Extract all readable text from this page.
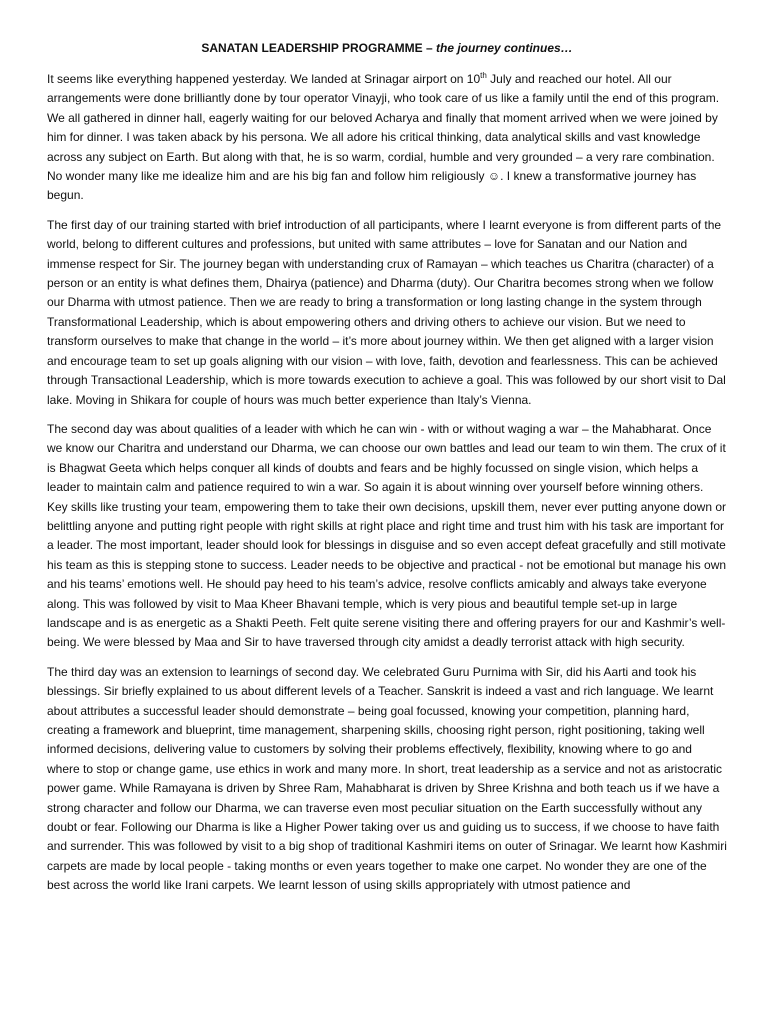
SANATAN LEADERSHIP PROGRAMME – the journey continues…

It seems like everything happened yesterday. We landed at Srinagar airport on 10th July and reached our hotel. All our arrangements were done brilliantly done by tour operator Vinayji, who took care of us like a family until the end of this program. We all gathered in dinner hall, eagerly waiting for our beloved Acharya and finally that moment arrived when we were joined by him for dinner. I was taken aback by his persona. We all adore his critical thinking, data analytical skills and vast knowledge across any subject on Earth. But along with that, he is so warm, cordial, humble and very grounded – a very rare combination. No wonder many like me idealize him and are his big fan and follow him religiously ☺. I knew a transformative journey has begun.

The first day of our training started with brief introduction of all participants, where I learnt everyone is from different parts of the world, belong to different cultures and professions, but united with same attributes – love for Sanatan and our Nation and immense respect for Sir. The journey began with understanding crux of Ramayan – which teaches us Charitra (character) of a person or an entity is what defines them, Dhairya (patience) and Dharma (duty). Our Charitra becomes strong when we follow our Dharma with utmost patience. Then we are ready to bring a transformation or long lasting change in the system through Transformational Leadership, which is about empowering others and driving others to achieve our vision. But we need to transform ourselves to make that change in the world – it’s more about journey within. We then get aligned with a larger vision and encourage team to set up goals aligning with our vision – with love, faith, devotion and fearlessness. This can be achieved through Transactional Leadership, which is more towards execution to achieve a goal. This was followed by our short visit to Dal lake. Moving in Shikara for couple of hours was much better experience than Italy’s Vienna.

The second day was about qualities of a leader with which he can win - with or without waging a war – the Mahabharat. Once we know our Charitra and understand our Dharma, we can choose our own battles and lead our team to win them. The crux of it is Bhagwat Geeta which helps conquer all kinds of doubts and fears and be highly focussed on single vision, which helps a leader to maintain calm and patience required to win a war. So again it is about winning over yourself before winning others. Key skills like trusting your team, empowering them to take their own decisions, upskill them, never ever putting anyone down or belittling anyone and putting right people with right skills at right place and right time and trust him with his task are important for a leader. The most important, leader should look for blessings in disguise and so even accept defeat gracefully and still motivate his team as this is stepping stone to success. Leader needs to be objective and practical - not be emotional but manage his own and his teams’ emotions well. He should pay heed to his team’s advice, resolve conflicts amicably and always take everyone along. This was followed by visit to Maa Kheer Bhavani temple, which is very pious and beautiful temple set-up in large landscape and is as energetic as a Shakti Peeth. Felt quite serene visiting there and offering prayers for our and Kashmir’s well-being. We were blessed by Maa and Sir to have traversed through city amidst a deadly terrorist attack with high security.

The third day was an extension to learnings of second day. We celebrated Guru Purnima with Sir, did his Aarti and took his blessings. Sir briefly explained to us about different levels of a Teacher. Sanskrit is indeed a vast and rich language. We learnt about attributes a successful leader should demonstrate – being goal focussed, knowing your competition, planning hard, creating a framework and blueprint, time management, sharpening skills, choosing right person, right positioning, taking well informed decisions, delivering value to customers by solving their problems effectively, flexibility, knowing where to go and where to stop or change game, use ethics in work and many more. In short, treat leadership as a service and not as aristocratic power game. While Ramayana is driven by Shree Ram, Mahabharat is driven by Shree Krishna and both teach us if we have a strong character and follow our Dharma, we can traverse even most peculiar situation on the Earth successfully without any doubt or fear. Following our Dharma is like a Higher Power taking over us and guiding us to success, if we choose to have faith and surrender. This was followed by visit to a big shop of traditional Kashmiri items on outer of Srinagar. We learnt how Kashmiri carpets are made by local people - taking months or even years together to make one carpet. No wonder they are one of the best across the world like Irani carpets. We learnt lesson of using skills appropriately with utmost patience and
